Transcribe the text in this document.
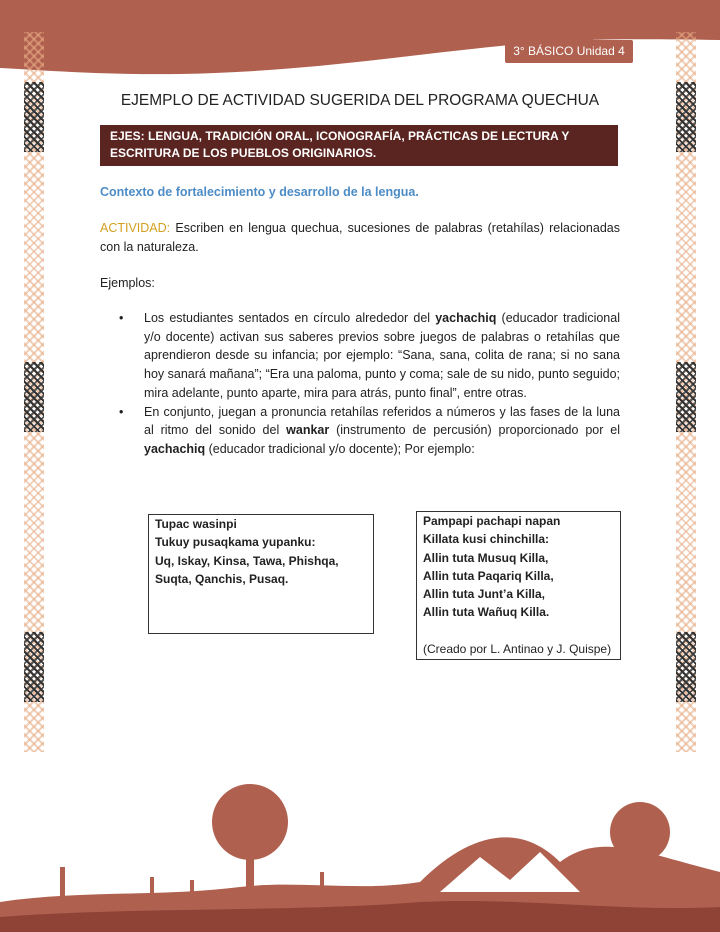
3° BÁSICO Unidad 4
EJEMPLO DE ACTIVIDAD SUGERIDA DEL PROGRAMA QUECHUA
EJES: LENGUA, TRADICIÓN ORAL, ICONOGRAFÍA, PRÁCTICAS DE LECTURA Y ESCRITURA DE LOS PUEBLOS ORIGINARIOS.
Contexto de fortalecimiento y desarrollo de la lengua.
ACTIVIDAD: Escriben en lengua quechua, sucesiones de palabras (retahílas) relacionadas con la naturaleza.
Ejemplos:
• Los estudiantes sentados en círculo alrededor del yachachiq (educador tradicional y/o docente) activan sus saberes previos sobre juegos de palabras o retahílas que aprendieron desde su infancia; por ejemplo: “Sana, sana, colita de rana; si no sana hoy sanará mañana”; “Era una paloma, punto y coma; sale de su nido, punto seguido; mira adelante, punto aparte, mira para atrás, punto final”, entre otras.
• En conjunto, juegan a pronuncia retahílas referidos a números y las fases de la luna al ritmo del sonido del wankar (instrumento de percusión) proporcionado por el yachachiq (educador tradicional y/o docente); Por ejemplo:
Tupac wasinpi
Tukuy pusaqkama yupanku:
Uq, Iskay, Kinsa, Tawa, Phishqa, Suqta, Qanchis, Pusaq.
Pampapi pachapi napan
Killata kusi chinchilla:
Allin tuta Musuq Killa,
Allin tuta Paqariq Killa,
Allin tuta Junt’a Killa,
Allin tuta Wañuq Killa.
(Creado por L. Antinao y J. Quispe)
